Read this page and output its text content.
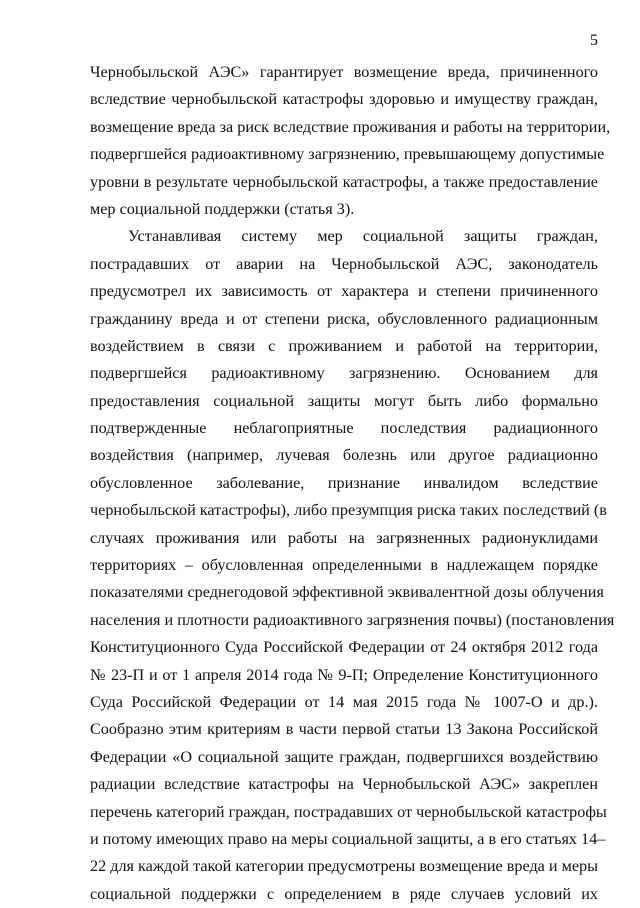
5
Чернобыльской АЭС» гарантирует возмещение вреда, причиненного
вследствие чернобыльской катастрофы здоровью и имуществу граждан,
возмещение вреда за риск вследствие проживания и работы на территории,
подвергшейся радиоактивному загрязнению, превышающему допустимые
уровни в результате чернобыльской катастрофы, а также предоставление
мер социальной поддержки (статья 3).
Устанавливая систему мер социальной защиты граждан,
пострадавших от аварии на Чернобыльской АЭС, законодатель
предусмотрел их зависимость от характера и степени причиненного
гражданину вреда и от степени риска, обусловленного радиационным
воздействием в связи с проживанием и работой на территории,
подвергшейся радиоактивному загрязнению. Основанием для
предоставления социальной защиты могут быть либо формально
подтвержденные неблагоприятные последствия радиационного
воздействия (например, лучевая болезнь или другое радиационно
обусловленное заболевание, признание инвалидом вследствие
чернобыльской катастрофы), либо презумпция риска таких последствий (в
случаях проживания или работы на загрязненных радионуклидами
территориях – обусловленная определенными в надлежащем порядке
показателями среднегодовой эффективной эквивалентной дозы облучения
населения и плотности радиоактивного загрязнения почвы) (постановления
Конституционного Суда Российской Федерации от 24 октября 2012 года
№ 23-П и от 1 апреля 2014 года № 9-П; Определение Конституционного
Суда Российской Федерации от 14 мая 2015 года № 1007-О и др.).
Сообразно этим критериям в части первой статьи 13 Закона Российской
Федерации «О социальной защите граждан, подвергшихся воздействию
радиации вследствие катастрофы на Чернобыльской АЭС» закреплен
перечень категорий граждан, пострадавших от чернобыльской катастрофы
и потому имеющих право на меры социальной защиты, а в его статьях 14–
22 для каждой такой категории предусмотрены возмещение вреда и меры
социальной поддержки с определением в ряде случаев условий их
